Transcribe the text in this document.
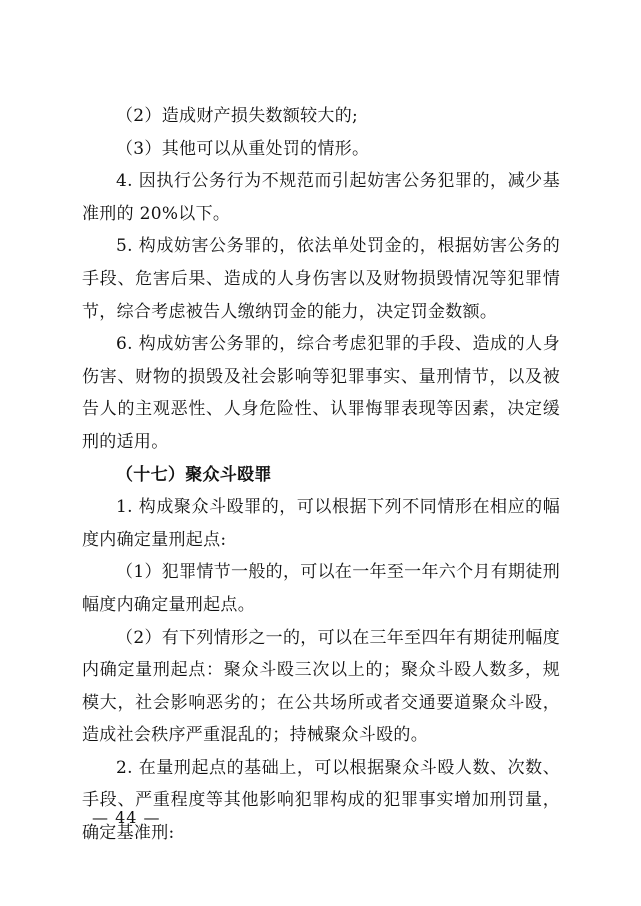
（2）造成财产损失数额较大的;

（3）其他可以从重处罚的情形。

4. 因执行公务行为不规范而引起妨害公务犯罪的，减少基准刑的 20%以下。

5. 构成妨害公务罪的，依法单处罚金的，根据妨害公务的手段、危害后果、造成的人身伤害以及财物损毁情况等犯罪情节，综合考虑被告人缴纳罚金的能力，决定罚金数额。

6. 构成妨害公务罪的，综合考虑犯罪的手段、造成的人身伤害、财物的损毁及社会影响等犯罪事实、量刑情节，以及被告人的主观恶性、人身危险性、认罪悔罪表现等因素，决定缓刑的适用。

（十七）聚众斗殴罪

1. 构成聚众斗殴罪的，可以根据下列不同情形在相应的幅度内确定量刑起点:

（1）犯罪情节一般的，可以在一年至一年六个月有期徒刑幅度内确定量刑起点。

（2）有下列情形之一的，可以在三年至四年有期徒刑幅度内确定量刑起点：聚众斗殴三次以上的；聚众斗殴人数多，规模大，社会影响恶劣的；在公共场所或者交通要道聚众斗殴，造成社会秩序严重混乱的；持械聚众斗殴的。

2. 在量刑起点的基础上，可以根据聚众斗殴人数、次数、手段、严重程度等其他影响犯罪构成的犯罪事实增加刑罚量，确定基准刑:

— 44 —
